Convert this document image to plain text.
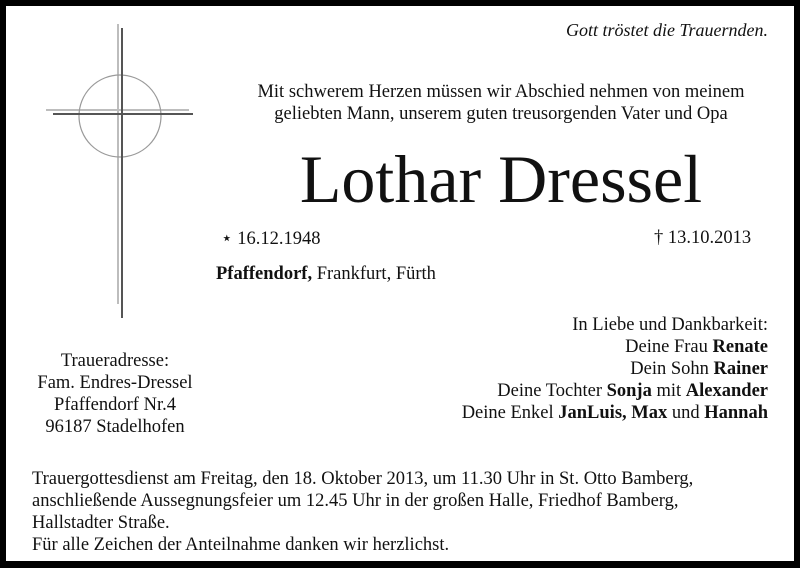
Gott tröstet die Trauernden.
Mit schwerem Herzen müssen wir Abschied nehmen von meinem
geliebten Mann, unserem guten treusorgenden Vater und Opa
Lothar Dressel
⋆ 16.12.1948	† 13.10.2013
Pfaffendorf, Frankfurt, Fürth
In Liebe und Dankbarkeit:
Deine Frau Renate
Dein Sohn Rainer
Deine Tochter Sonja mit Alexander
Deine Enkel JanLuis, Max und Hannah
Traueradresse:
Fam. Endres-Dressel
Pfaffendorf Nr.4
96187 Stadelhofen
Trauergottesdienst am Freitag, den 18. Oktober 2013, um 11.30 Uhr in St. Otto Bamberg,
anschließende Aussegnungsfeier um 12.45 Uhr in der großen Halle, Friedhof Bamberg,
Hallstadter Straße.
Für alle Zeichen der Anteilnahme danken wir herzlichst.
